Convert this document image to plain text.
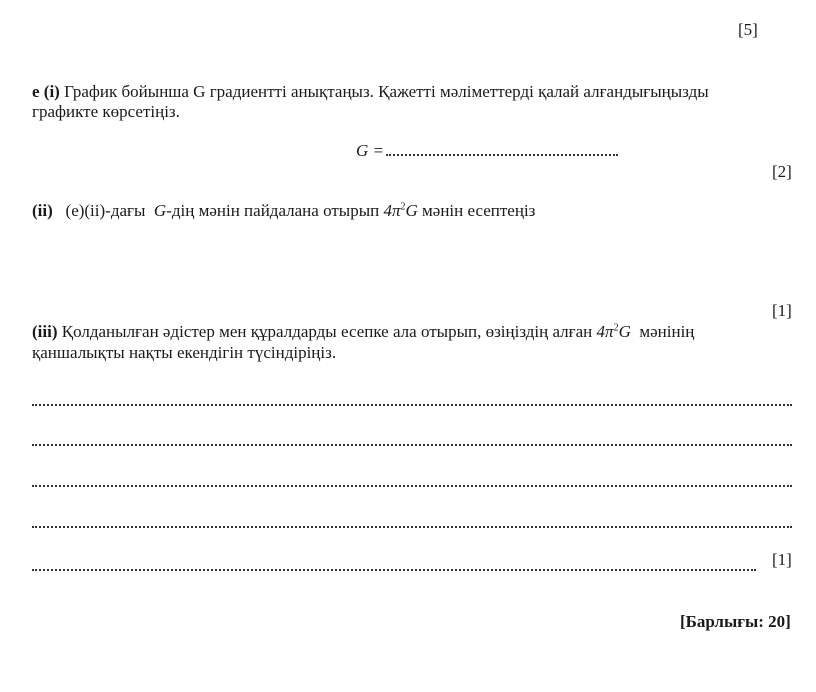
[5]
e (i) График бойынша G градиентті анықтаңыз. Қажетті мәліметтерді қалай алғандығыңызды
графикте көрсетіңіз.
G =
[2]
(ii) (е)(іі)-дағы G-дің мәнін пайдалана отырып $4\pi^2G$ мәнін есептеңіз
[1]
(iii) Қолданылған әдістер мен құралдарды есепке ала отырып, өзіңіздің алған $4\pi^2G$ мәнінің
қаншалықты нақты екендігін түсіндіріңіз.
[1]
[Барлығы: 20]
